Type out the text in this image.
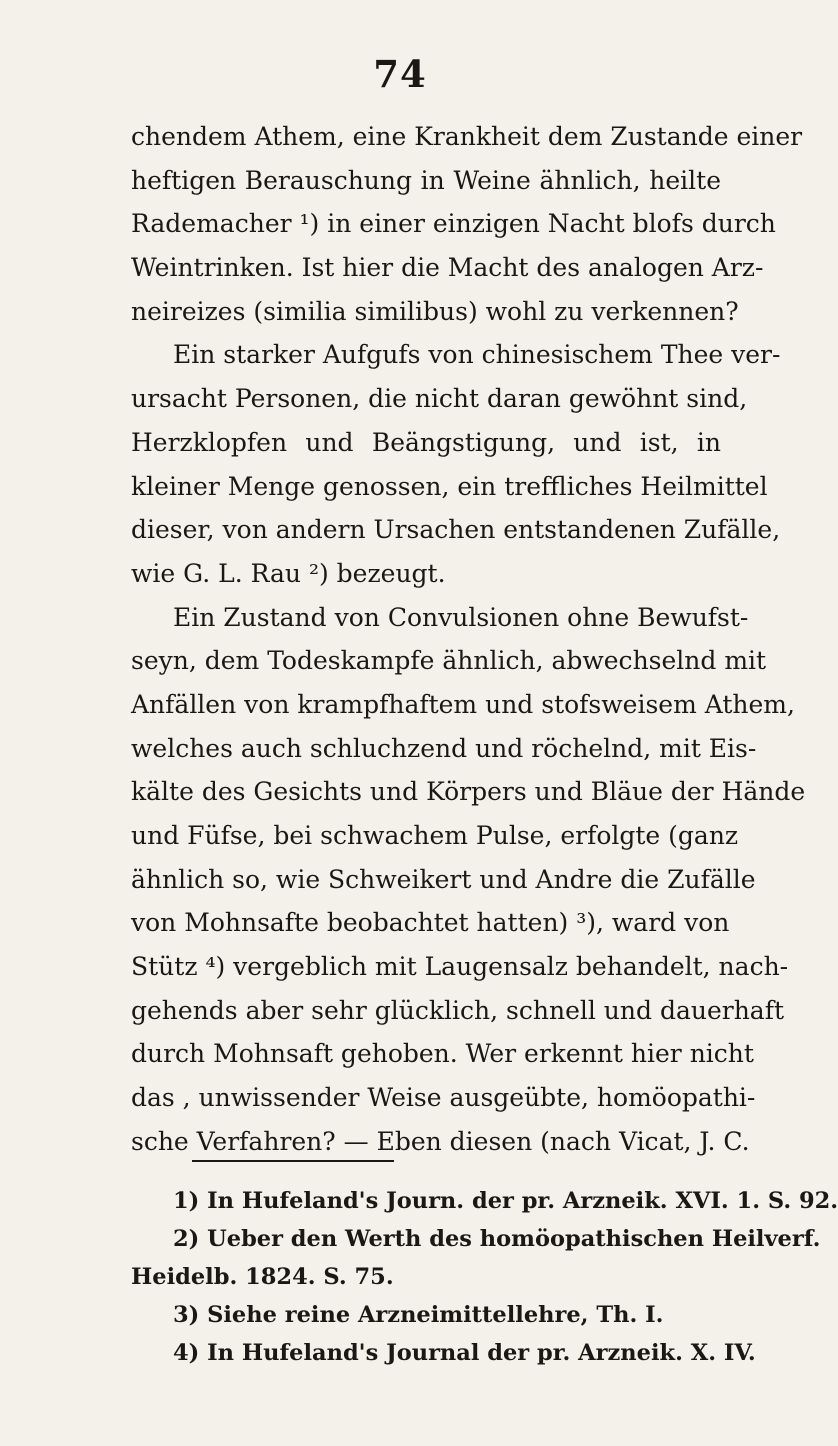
74
chendem Athem, eine Krankheit dem Zustande einer
heftigen Berauschung in Weine ähnlich, heilte
Rademacher ¹) in einer einzigen Nacht blofs durch
Weintrinken. Ist hier die Macht des analogen Arz-
neireizes (similia similibus) wohl zu verkennen?
Ein starker Aufgufs von chinesischem Thee ver-
ursacht Personen, die nicht daran gewöhnt sind,
Herzklopfen und Beängstigung, und ist, in
kleiner Menge genossen, ein treffliches Heilmittel
dieser, von andern Ursachen entstandenen Zufälle,
wie G. L. Rau ²) bezeugt.
Ein Zustand von Convulsionen ohne Bewufst-
seyn, dem Todeskampfe ähnlich, abwechselnd mit
Anfällen von krampfhaftem und stofsweisem Athem,
welches auch schluchzend und röchelnd, mit Eis-
kälte des Gesichts und Körpers und Bläue der Hände
und Füfse, bei schwachem Pulse, erfolgte (ganz
ähnlich so, wie Schweikert und Andre die Zufälle
von Mohnsafte beobachtet hatten) ³), ward von
Stütz ⁴) vergeblich mit Laugensalz behandelt, nach-
gehends aber sehr glücklich, schnell und dauerhaft
durch Mohnsaft gehoben. Wer erkennt hier nicht
das , unwissender Weise ausgeübte, homöopathi-
sche Verfahren? — Eben diesen (nach Vicat, J. C.
1) In Hufeland's Journ. der pr. Arzneik. XVI. 1. S. 92.
2) Ueber den Werth des homöopathischen Heilverf.
Heidelb. 1824. S. 75.
3) Siehe reine Arzneimittellehre, Th. I.
4) In Hufeland's Journal der pr. Arzneik. X. IV.
